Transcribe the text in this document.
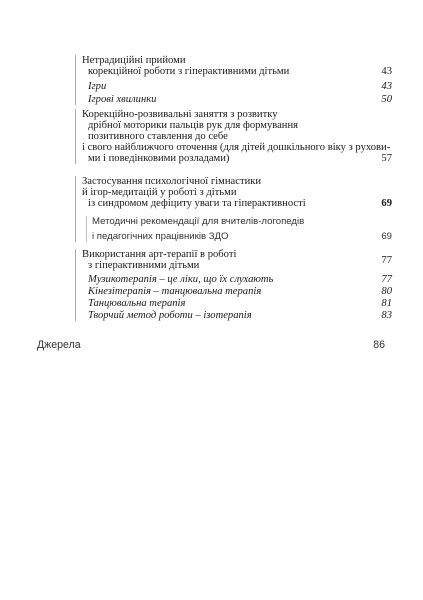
Нетрадиційні прийоми
корекційної роботи з гіперактивними дітьми	43
Ігри	43
Ігрові хвилинки	50
Корекційно-розвивальні заняття з розвитку
дрібної моторики пальців рук для формування
позитивного ставлення до себе
і свого найближчого оточення (для дітей дошкільного віку з рухови-
ми і поведінковими розладами)	57
Застосування психологічної гімнастики
й ігор-медитацій у роботі з дітьми
із синдромом дефіциту уваги та гіперактивності	69
Методичні рекомендації для вчителів-логопедів
і педагогічних працівників ЗДО	69
Використання арт-терапії в роботі
з гіперактивними дітьми	77
Музикотерапія – це ліки, що їх слухають	77
Кінезітерапія – танцювальна терапія	80
Танцювальна терапія	81
Творчий метод роботи – ізотерапія	83
Джерела	86
